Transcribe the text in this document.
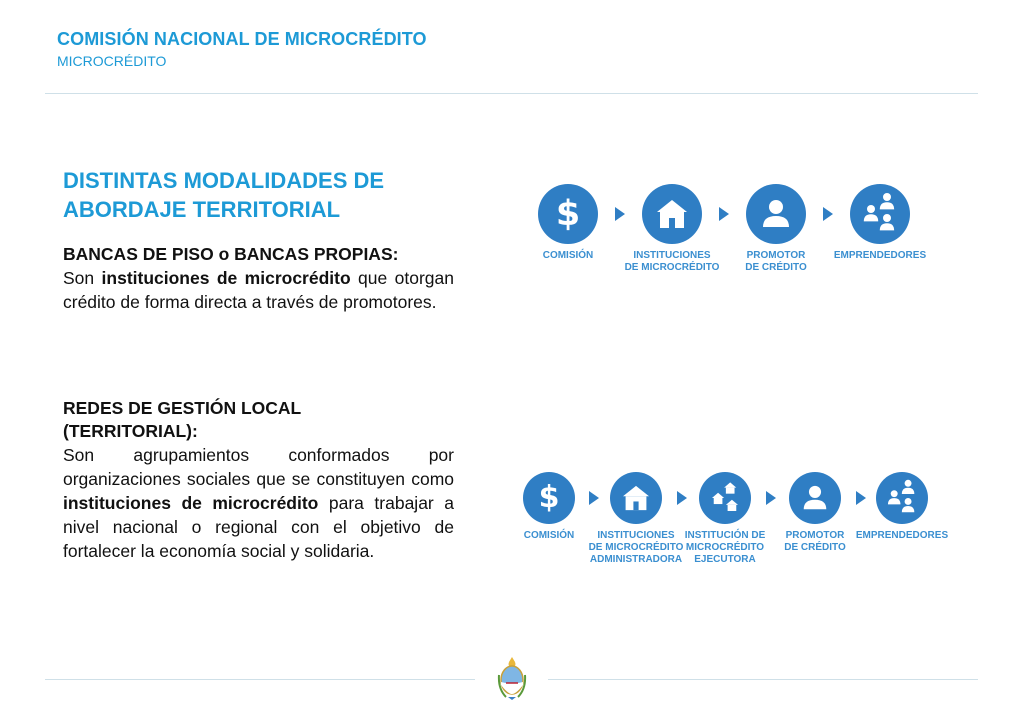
COMISIÓN NACIONAL DE MICROCRÉDITO
MICROCRÉDITO
DISTINTAS MODALIDADES DE
ABORDAJE TERRITORIAL
BANCAS DE PISO o BANCAS PROPIAS:
Son instituciones de microcrédito que otorgan crédito de forma directa a través de promotores.
REDES DE GESTIÓN LOCAL
(TERRITORIAL):
Son agrupamientos conformados por organizaciones sociales que se constituyen como instituciones de microcrédito para trabajar a nivel nacional o regional con el objetivo de fortalecer la economía social y solidaria.
$
COMISIÓN	INSTITUCIONES
DE MICROCRÉDITO
PROMOTOR
DE CRÉDITO
EMPRENDEDORES
$
COMISIÓN	INSTITUCIONES
DE MICROCRÉDITO
ADMINISTRADORA
INSTITUCIÓN DE
MICROCRÉDITO
EJECUTORA
PROMOTOR
DE CRÉDITO
EMPRENDEDORES
